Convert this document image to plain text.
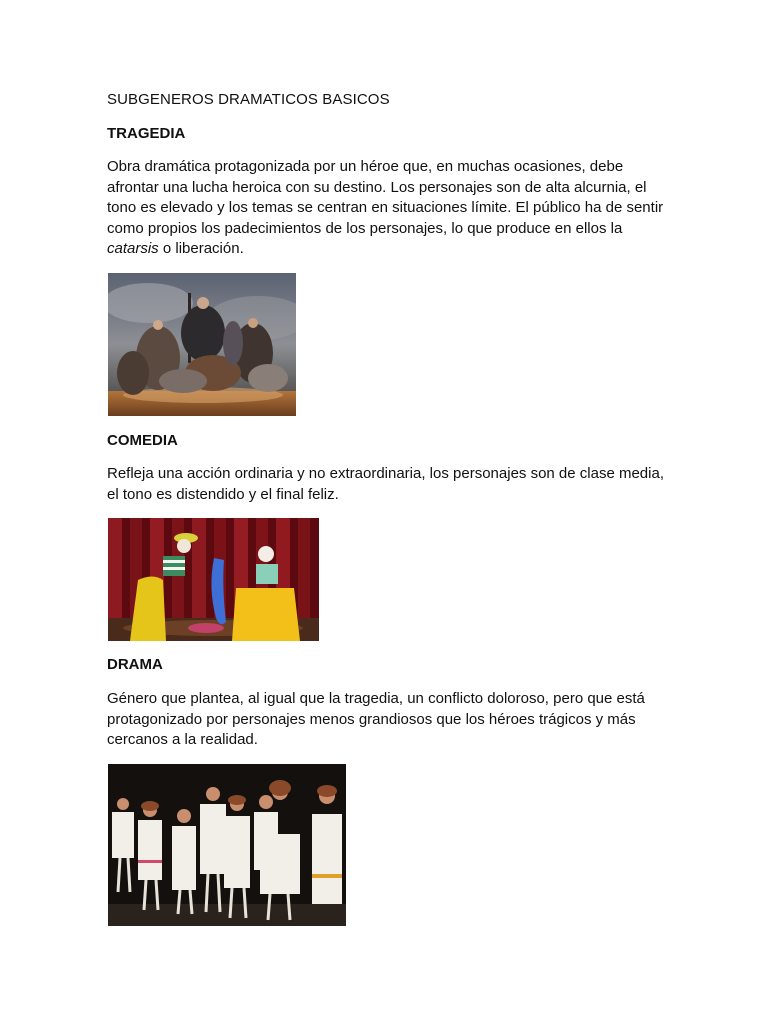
SUBGENEROS DRAMATICOS BASICOS
TRAGEDIA
Obra dramática protagonizada por un héroe que, en muchas ocasiones, debe afrontar una lucha heroica con su destino. Los personajes son de alta alcurnia, el tono es elevado y los temas se centran en situaciones límite. El público ha de sentir como propios los padecimientos de los personajes, lo que produce en ellos la catarsis o liberación.
COMEDIA
Refleja una acción ordinaria y no extraordinaria, los personajes son de clase media, el tono es distendido y el final feliz.
DRAMA
Género que plantea, al igual que la tragedia, un conflicto doloroso, pero que está protagonizado por personajes menos grandiosos que los héroes trágicos y más cercanos a la realidad.
